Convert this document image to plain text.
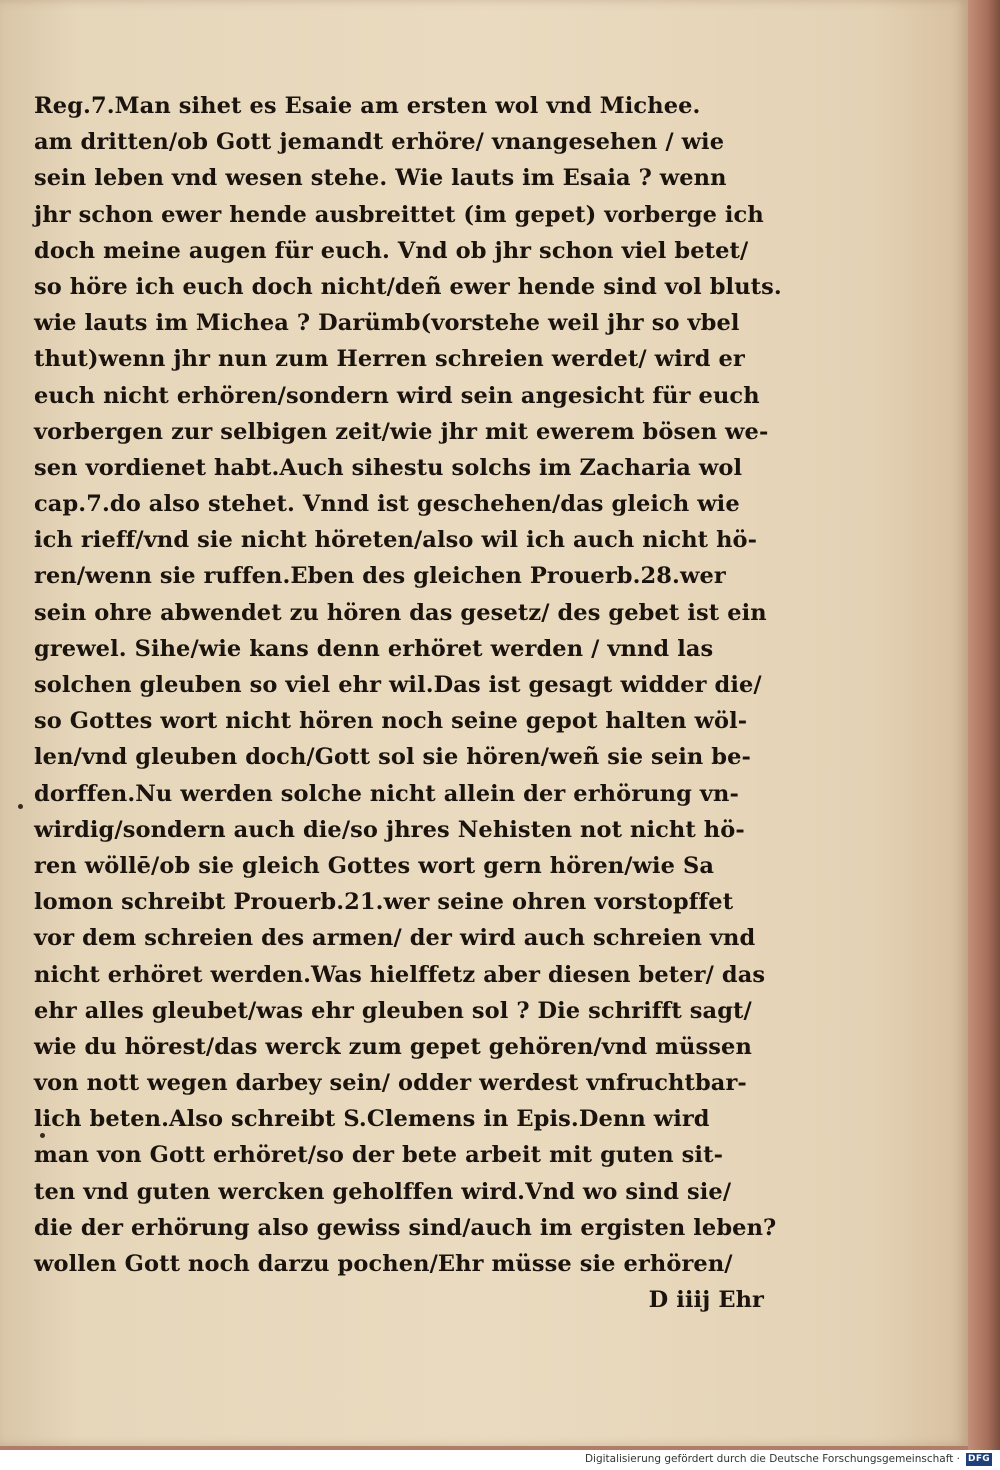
Reg.7.Man sihet es Esaie am ersten wol vnd Michee.
am dritten/ob Gott jemandt erhöre/ vnangesehen / wie
sein leben vnd wesen stehe. Wie lauts im Esaia ? wenn
jhr schon ewer hende ausbreittet (im gepet) vorberge ich
doch meine augen für euch. Vnd ob jhr schon viel betet/
so höre ich euch doch nicht/deñ ewer hende sind vol bluts.
wie lauts im Michea ? Darümb(vorstehe weil jhr so vbel
thut)wenn jhr nun zum Herren schreien werdet/ wird er
euch nicht erhören/sondern wird sein angesicht für euch
vorbergen zur selbigen zeit/wie jhr mit ewerem bösen we-
sen vordienet habt.Auch sihestu solchs im Zacharia wol
cap.7.do also stehet. Vnnd ist geschehen/das gleich wie
ich rieff/vnd sie nicht höreten/also wil ich auch nicht hö-
ren/wenn sie ruffen.Eben des gleichen Prouerb.28.wer
sein ohre abwendet zu hören das gesetz/ des gebet ist ein
grewel. Sihe/wie kans denn erhöret werden / vnnd las
solchen gleuben so viel ehr wil.Das ist gesagt widder die/
so Gottes wort nicht hören noch seine gepot halten wöl-
len/vnd gleuben doch/Gott sol sie hören/weñ sie sein be-
dorffen.Nu werden solche nicht allein der erhörung vn-
wirdig/sondern auch die/so jhres Nehisten not nicht hö-
ren wöllē/ob sie gleich Gottes wort gern hören/wie Sa
lomon schreibt Prouerb.21.wer seine ohren vorstopffet
vor dem schreien des armen/ der wird auch schreien vnd
nicht erhöret werden.Was hielffetz aber diesen beter/ das
ehr alles gleubet/was ehr gleuben sol ? Die schrifft sagt/
wie du hörest/das werck zum gepet gehören/vnd müssen
von nott wegen darbey sein/ odder werdest vnfruchtbar-
lich beten.Also schreibt S.Clemens in Epis.Denn wird
man von Gott erhöret/so der bete arbeit mit guten sit-
ten vnd guten wercken geholffen wird.Vnd wo sind sie/
die der erhörung also gewiss sind/auch im ergisten leben?
wollen Gott noch darzu pochen/Ehr müsse sie erhören/
D iiij Ehr
Digitalisierung gefördert durch die Deutsche Forschungsgemeinschaft · DFG
